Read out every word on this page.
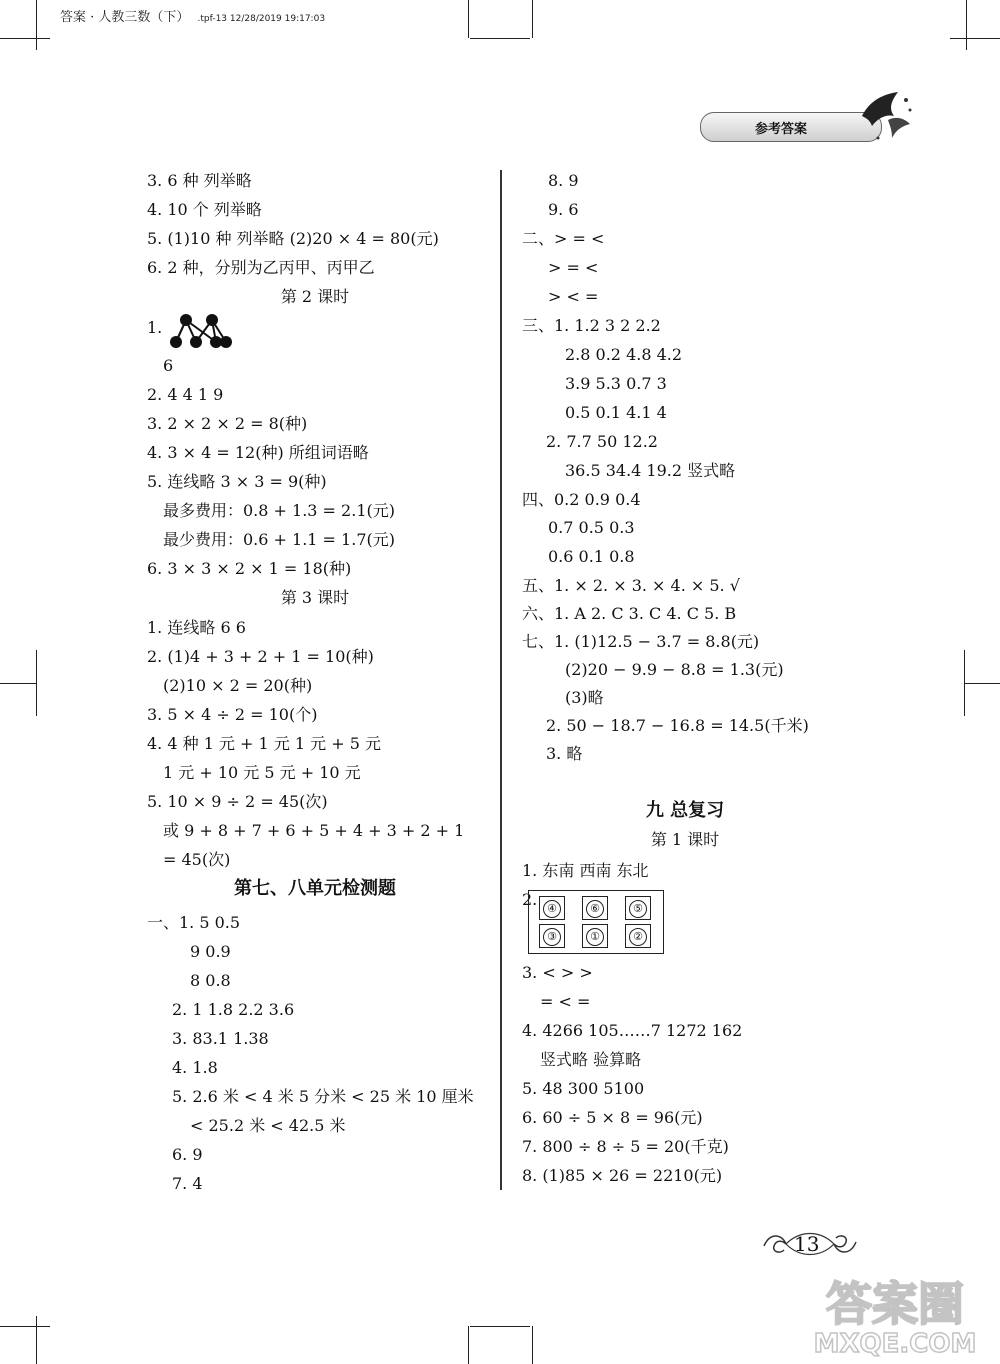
答案 · 人教三数（下） .tpf-13 12/28/2019 19:17:03
参考答案
3. 6 种 列举略
4. 10 个 列举略
5. (1)10 种 列举略 (2)20 × 4 = 80(元)
6. 2 种，分别为乙丙甲、丙甲乙
第 2 课时
1.
6
2. 4 4 1 9
3. 2 × 2 × 2 = 8(种)
4. 3 × 4 = 12(种) 所组词语略
5. 连线略 3 × 3 = 9(种)
最多费用：0.8 + 1.3 = 2.1(元)
最少费用：0.6 + 1.1 = 1.7(元)
6. 3 × 3 × 2 × 1 = 18(种)
第 3 课时
1. 连线略 6 6
2. (1)4 + 3 + 2 + 1 = 10(种)
(2)10 × 2 = 20(种)
3. 5 × 4 ÷ 2 = 10(个)
4. 4 种 1 元 + 1 元 1 元 + 5 元
1 元 + 10 元 5 元 + 10 元
5. 10 × 9 ÷ 2 = 45(次)
或 9 + 8 + 7 + 6 + 5 + 4 + 3 + 2 + 1
= 45(次)
第七、八单元检测题
一、1. 5 0.5
9 0.9
8 0.8
2. 1 1.8 2.2 3.6
3. 83.1 1.38
4. 1.8
5. 2.6 米 < 4 米 5 分米 < 25 米 10 厘米
< 25.2 米 < 42.5 米
6. 9
7. 4
8. 9
9. 6
二、> = <
> = <
> < =
三、1. 1.2 3 2 2.2
2.8 0.2 4.8 4.2
3.9 5.3 0.7 3
0.5 0.1 4.1 4
2. 7.7 50 12.2
36.5 34.4 19.2 竖式略
四、0.2 0.9 0.4
0.7 0.5 0.3
0.6 0.1 0.8
五、1. × 2. × 3. × 4. × 5. √
六、1. A 2. C 3. C 4. C 5. B
七、1. (1)12.5 − 3.7 = 8.8(元)
(2)20 − 9.9 − 8.8 = 1.3(元)
(3)略
2. 50 − 18.7 − 16.8 = 14.5(千米)
3. 略
九 总复习
第 1 课时
1. 东南 西南 东北
2. ④	⑥	⑤
③	①	②
3. < > >
= < =
4. 4266 105……7 1272 162
竖式略 验算略
5. 48 300 5100
6. 60 ÷ 5 × 8 = 96(元)
7. 800 ÷ 8 ÷ 5 = 20(千克)
8. (1)85 × 26 = 2210(元)
13
答案圈
MXQE.COM
